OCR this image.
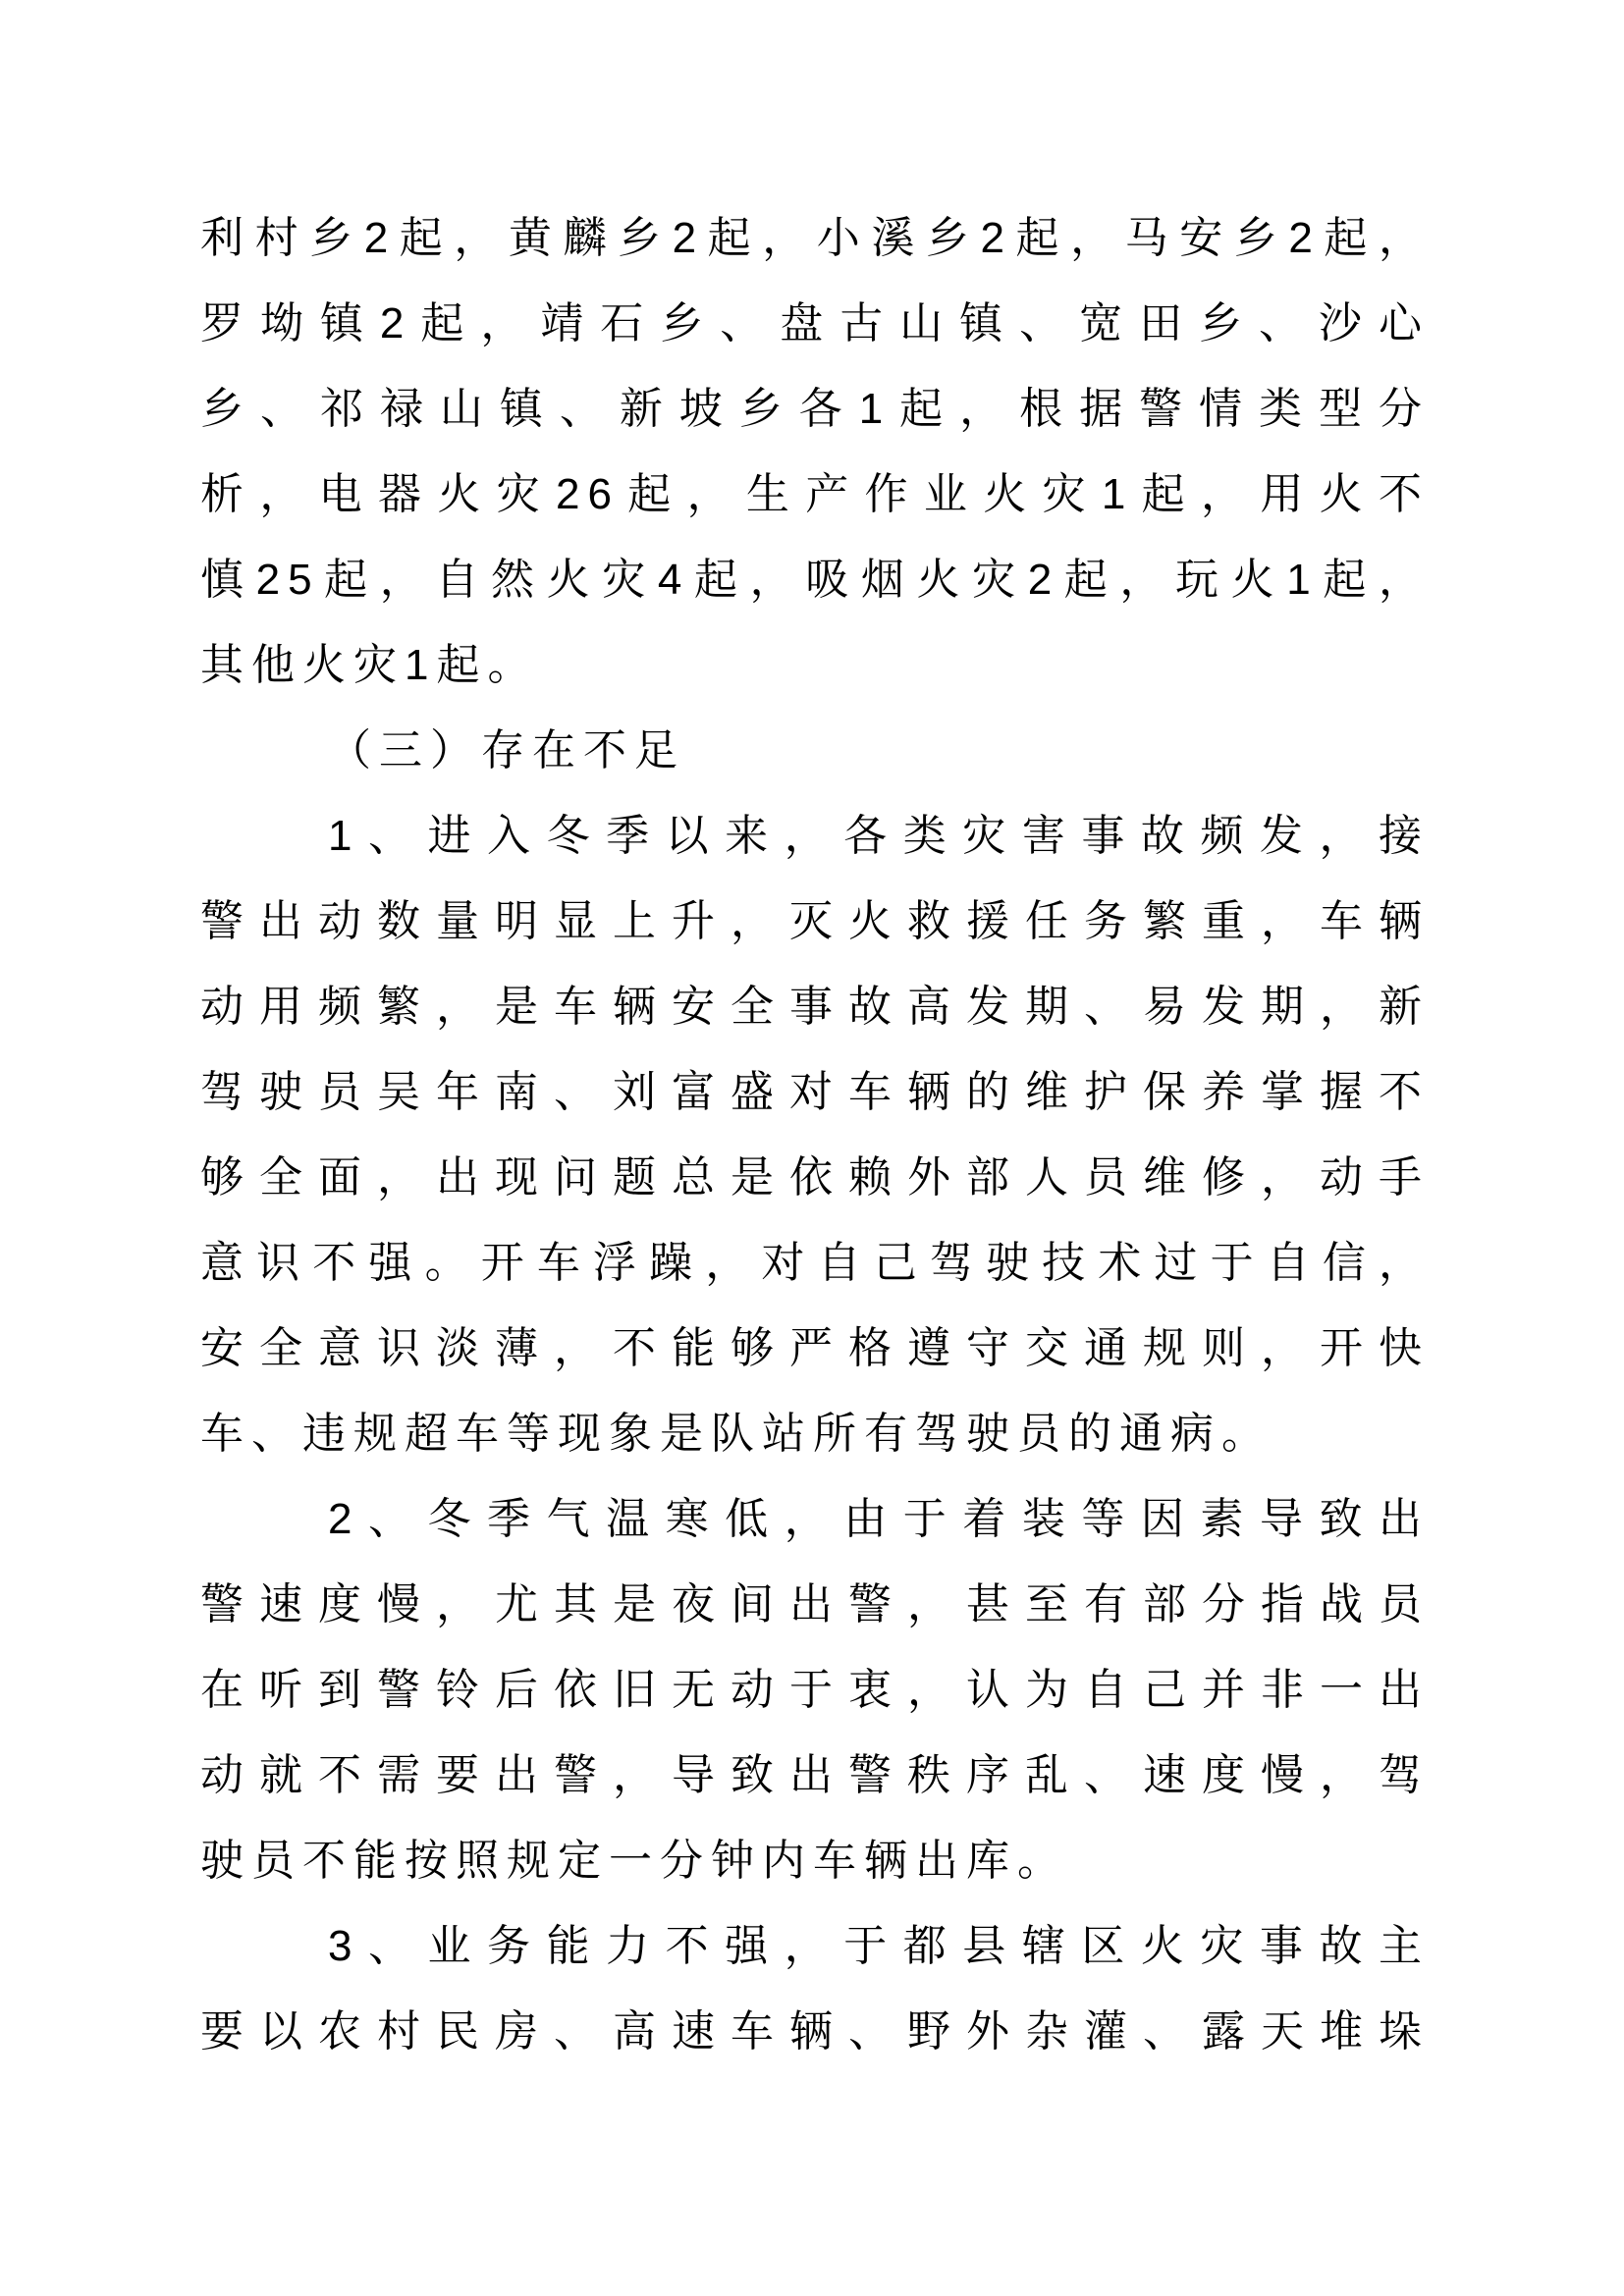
利村乡2起，黄麟乡2起，小溪乡2起，马安乡2起，
罗坳镇2起，靖石乡、盘古山镇、宽田乡、沙心
乡、祁禄山镇、新坡乡各1起，根据警情类型分
析，电器火灾26起，生产作业火灾1起，用火不
慎25起，自然火灾4起，吸烟火灾2起，玩火1起，
其他火灾1起。
（三）存在不足
1、进入冬季以来，各类灾害事故频发，接
警出动数量明显上升，灭火救援任务繁重，车辆
动用频繁，是车辆安全事故高发期、易发期，新
驾驶员吴年南、刘富盛对车辆的维护保养掌握不
够全面，出现问题总是依赖外部人员维修，动手
意识不强。开车浮躁，对自己驾驶技术过于自信，
安全意识淡薄，不能够严格遵守交通规则，开快
车、违规超车等现象是队站所有驾驶员的通病。
2、冬季气温寒低，由于着装等因素导致出
警速度慢，尤其是夜间出警，甚至有部分指战员
在听到警铃后依旧无动于衷，认为自己并非一出
动就不需要出警，导致出警秩序乱、速度慢，驾
驶员不能按照规定一分钟内车辆出库。
3、业务能力不强，于都县辖区火灾事故主
要以农村民房、高速车辆、野外杂灌、露天堆垛
